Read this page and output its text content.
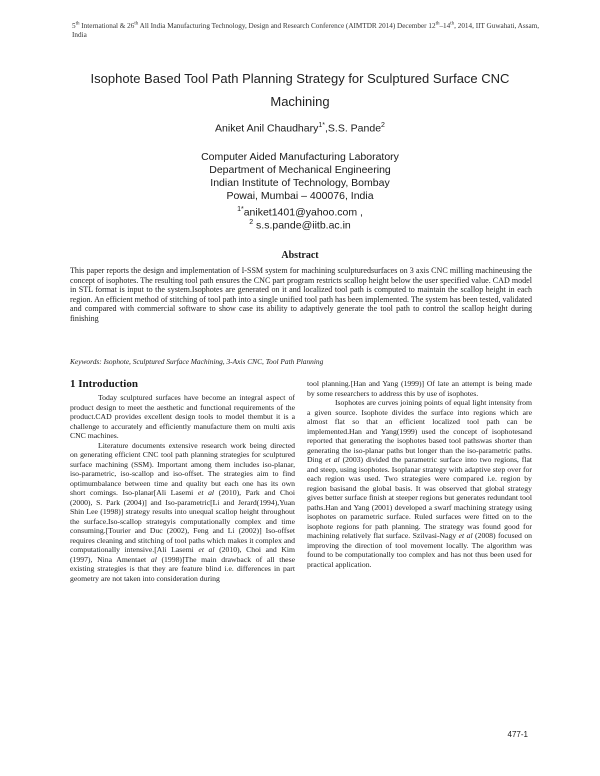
5th International & 26th All India Manufacturing Technology, Design and Research Conference (AIMTDR 2014) December 12th–14th, 2014, IIT Guwahati, Assam, India
Isophote Based Tool Path Planning Strategy for Sculptured Surface CNC
Machining
Aniket Anil Chaudhary$^{1*}$,S.S. Pande$^2$
Computer Aided Manufacturing Laboratory
Department of Mechanical Engineering
Indian Institute of Technology, Bombay
Powai, Mumbai – 400076, India
$^{1*}$aniket1401@yahoo.com ,
$^2$ s.s.pande@iitb.ac.in
Abstract
This paper reports the design and implementation of I-SSM system for machining sculpturedsurfaces on 3 axis CNC milling machineusing the concept of isophotes. The resulting tool path ensures the CNC part program restricts scallop height below the user specified value. CAD model in STL format is input to the system.Isophotes are generated on it and localized tool path is computed to maintain the scallop height in each region. An efficient method of stitching of tool path into a single unified tool path has been implemented. The system has been tested, validated and compared with commercial software to show case its ability to adaptively generate the tool path to control the scallop height during finishing
Keywords: Isophote, Sculptured Surface Machining, 3-Axis CNC, Tool Path Planning
1 Introduction

Today sculptured surfaces have become an integral aspect of product design to meet the aesthetic and functional requirements of the product.CAD provides excellent design tools to model thembut it is a challenge to accurately and efficiently manufacture them on multi axis CNC machines.

Literature documents extensive research work being directed on generating efficient CNC tool path planning strategies for sculptured surface machining (SSM). Important among them includes iso-planar, iso-parametric, iso-scallop and iso-offset. The strategies aim to find optimumbalance between time and quality but each one has its own short comings. Iso-planar[Ali Lasemi et al (2010), Park and Choi (2000), S. Park (2004)] and Iso-parametric[Li and Jerard(1994),Yuan Shin Lee (1998)] strategy results into unequal scallop height throughout the surface.Iso-scallop strategyis computationally complex and time consuming.[Tourier and Duc (2002), Feng and Li (2002)] Iso-offset requires cleaning and stitching of tool paths which makes it complex and computationally intensive.[Ali Lasemi et al (2010), Choi and Kim (1997), Nina Amentaet al (1998)]The main drawback of all these existing strategies is that they are feature blind i.e. differences in part geometry are not taken into consideration during

tool planning.[Han and Yang (1999)] Of late an attempt is being made by some researchers to address this by use of isophotes.

Isophotes are curves joining points of equal light intensity from a given source. Isophote divides the surface into regions which are almost flat so that an efficient localized tool path can be implemented.Han and Yang(1999) used the concept of isophotesand reported that generating the isophotes based tool pathswas shorter than generating the iso-planar paths but longer than the iso-parametric paths. Ding et al (2003) divided the parametric surface into two regions, flat and steep, using isophotes. Isoplanar strategy with adaptive step over for each region was used. Two strategies were compared i.e. region by region basisand the global basis. It was observed that global strategy gives better surface finish at steeper regions but generates redundant tool paths.Han and Yang (2001) developed a swarf machining strategy using isophotes on parametric surface. Ruled surfaces were fitted on to the isophote regions for path planning. The strategy was found good for machining relatively flat surface. Szilvasi-Nagy et al (2008) focused on improving the direction of tool movement locally. The algorithm was found to be computationally too complex and has not thus been used for practical application.

477-1
